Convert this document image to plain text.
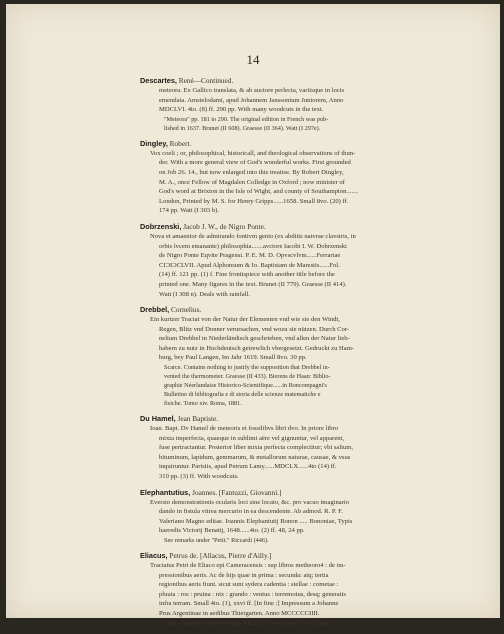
14
Descartes, René—Continued.
meteora. Ex Gallico translata, & ab auctore perlecta, variisque in locis
emendata. Amstelodami, apud Johannem Janssonium Juniorem, Anno
MDCLVI. 4to. (8) ff. 290 pp. With many woodcuts in the text.
"Meteora" pp. 181 to 290. The original edition in French was pub-
lished in 1637. Brunet (II 608). Graesse (II 364). Watt (I 297e).
Dingley, Robert.
Vox coeli ; or, philosophical, historicall, and theological observations of thun-
der. With a more general view of God's wonderful works. First grounded
on Job 26. 14., but now enlarged into this treatise. By Robert Dingley,
M. A., once Fellow of Magdalen Colledge in Oxford ; now minister of
God's word at Brixton in the Isle of Wight, and county of Southampton.......
London, Printed by M. S. for Henry Gripps......1658. Small 8vo. (20) ff.
174 pp. Watt (I 303 b).
Dobrzenski, Jacob J. W., de Nigro Ponte.
Nova et amaenior de admirando fontivm genio (ex abditis natvrae clavstris, in
orbis lvcem emanante) philosophia.......avctore Iacobi I. W. Dobrzenski
de Nigro Ponte Eqvite Pragensi. P. E. M. D. Opvscvlvm......Ferrariae
CIƆIƆCLVII. Apud Alphonsum & Io. Baptistam de Marestis......Fol.
(14) ff. 121 pp. (1) f. Fine frontispiece with another title before the
printed one. Many figures in the text. Brunet (II 779). Graesse (II 414).
Watt (I 308 n). Deals with rainfall.
Drebbel, Cornelius.
Ein kurtzer Tractat von der Natur der Elementen vnd wie sie den Windt,
Regen, Blitz vnd Donner verursachen, vnd wozu sie nützen. Durch Cor-
nelium Drebbel in Niederländisch geschrieben, vnd allen der Natur lieb-
habern zu nutz in Hochdeutsch getrewlich vbergesetzt. Gedruckt zu Ham-
burg, bey Paul Langen, Im Jahr 1619. Small 8vo. 30 pp.
Scarce. Contains nothing to justify the supposition that Drebbel in-
vented the thermometer. Graesse (II 433). Bierens de Haan: Biblio-
graphie Néerlandaise Historico-Scientifique......in Boncompagni's
Bulletino di bibliografia e di storia delle scienze matematiche e
fisiche. Tomo xiv. Roma, 1881.
Du Hamel, Jean Baptiste.
Ioan. Bapt. Dv Hamel de meteoris et fossilibvs libri dvo. In priore libro
mixta imperfecta, quaeque in sublimi aëre vel gignuntur, vel apparent,
fuse pertractantur. Posterior liber mixta perfecta complectitur; vbi salium,
bituminum, lapidum, gemmarum, & metallorum naturae, causae, & vsus
inquiruntur. Parisiis, apud Petrum Lamy......MDCLX......4to (14) ff.
310 pp. (3) ff. With woodcuts.
Elephantutius, Joannes. [Fantuzzi, Giovanni.]
Eversio demonstrationis ocularis loci sine locato, &c. pro vacuo imaginario
dando in fistula vitrea mercurio in ea descendente. Ab admod. R. P. F.
Valeriano Magno editae. Ioannis Elephantutij Bonon ..... Bononiae, Typis
haeredis Victorij Benatij, 1648......4to. (2) ff. 48, 24 pp.
See remarks under "Petit." Riccardi (446).
Eliacus, Petrus de. [Allacus, Pierre d'Ailly.]
Tractatus Petri de Eliaco epi Cameracensis : sup libros metheoro4 : de im-
pressionibus aeris. Ac de hijs quae in prima : secunda: atq; tertia
regionibus aeris fiunt. sicut sunt sydera cadentia : stellae : cometae :
pluuia : ros : pruina : nix : grando : ventus : terremotus, desq; generatis
infra terram. Small 4to. (1), xxvi ff. [In fine :] Impressum a Johanne
Prus Argentinae in aedibus Thiergarten. Anno MCCCCCIIII.
Scarce treatise on meteorology, which has been issued 5 or 6 times.
